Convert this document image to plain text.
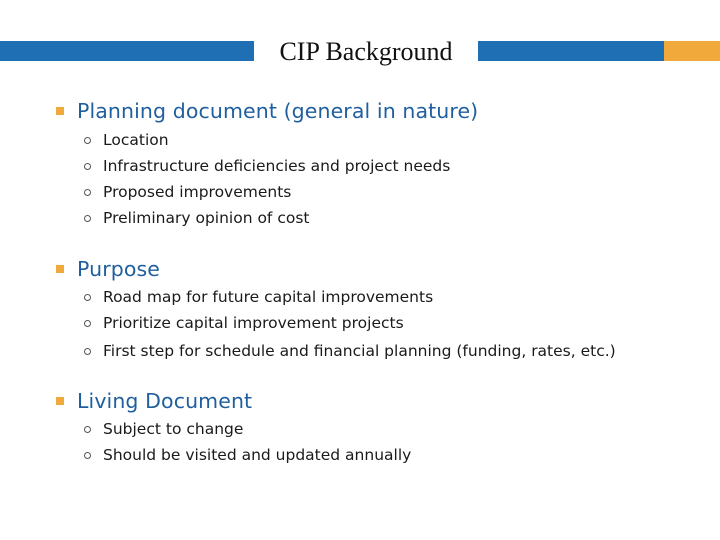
CIP Background
Planning document (general in nature)
Location
Infrastructure deficiencies and project needs
Proposed improvements
Preliminary opinion of cost
Purpose
Road map for future capital improvements
Prioritize capital improvement projects
First step for schedule and financial planning (funding, rates, etc.)
Living Document
Subject to change
Should be visited and updated annually
